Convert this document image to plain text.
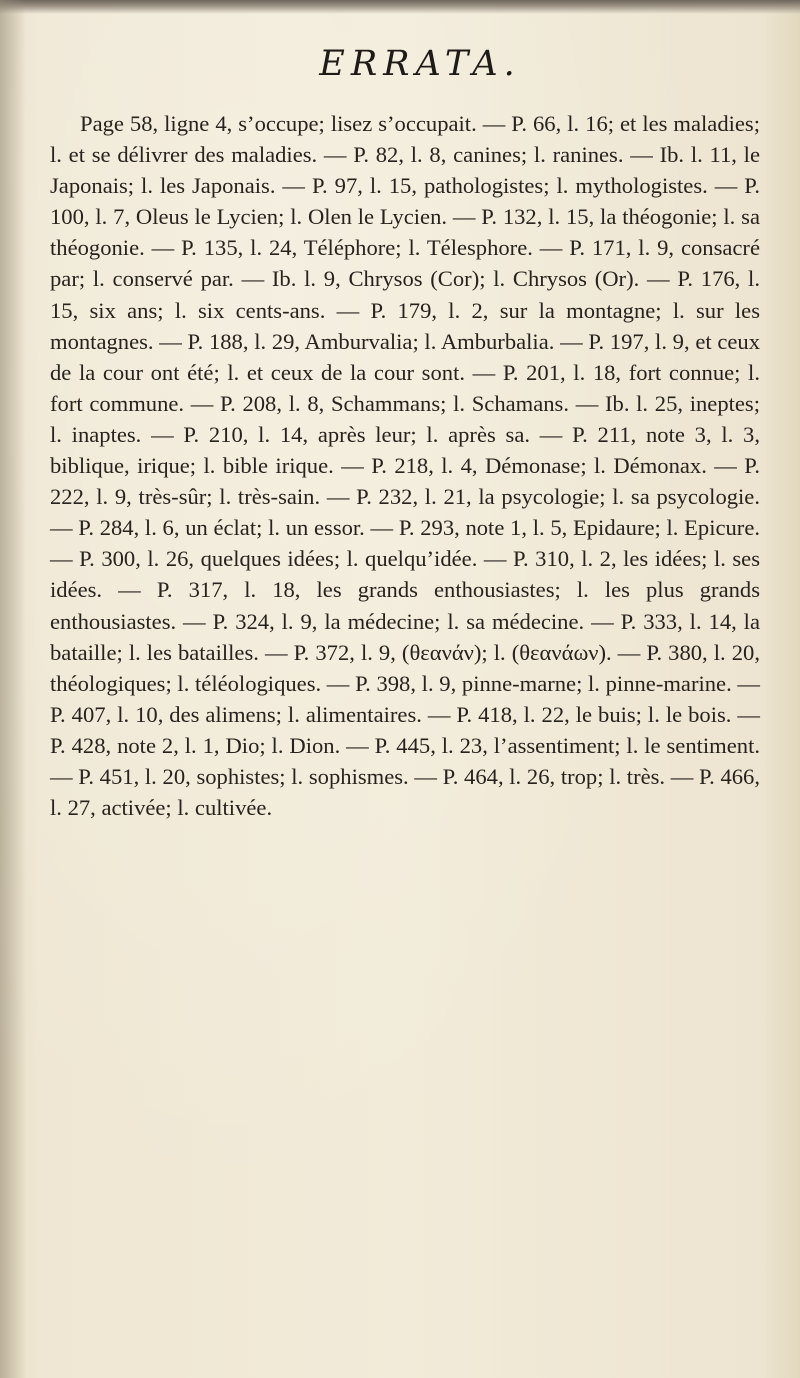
ERRATA.

Page 58, ligne 4, s’occupe; lisez s’occupait. — P. 66, l. 16; et les maladies; l. et se délivrer des maladies. — P. 82, l. 8, canines; l. ranines. — Ib. l. 11, le Japonais; l. les Japonais. — P. 97, l. 15, pathologistes; l. mythologistes. — P. 100, l. 7, Oleus le Lycien; l. Olen le Lycien. — P. 132, l. 15, la théogonie; l. sa théogonie. — P. 135, l. 24, Téléphore; l. Télesphore. — P. 171, l. 9, consacré par; l. conservé par. — Ib. l. 9, Chrysos (Cor); l. Chrysos (Or). — P. 176, l. 15, six ans; l. six cents-ans. — P. 179, l. 2, sur la montagne; l. sur les montagnes. — P. 188, l. 29, Amburvalia; l. Amburbalia. — P. 197, l. 9, et ceux de la cour ont été; l. et ceux de la cour sont. — P. 201, l. 18, fort connue; l. fort commune. — P. 208, l. 8, Schammans; l. Schamans. — Ib. l. 25, ineptes; l. inaptes. — P. 210, l. 14, après leur; l. après sa. — P. 211, note 3, l. 3, biblique, irique; l. bible irique. — P. 218, l. 4, Démonase; l. Démonax. — P. 222, l. 9, très-sûr; l. très-sain. — P. 232, l. 21, la psycologie; l. sa psycologie. — P. 284, l. 6, un éclat; l. un essor. — P. 293, note 1, l. 5, Epidaure; l. Epicure. — P. 300, l. 26, quelques idées; l. quelqu’idée. — P. 310, l. 2, les idées; l. ses idées. — P. 317, l. 18, les grands enthousiastes; l. les plus grands enthousiastes. — P. 324, l. 9, la médecine; l. sa médecine. — P. 333, l. 14, la bataille; l. les batailles. — P. 372, l. 9, (θεανάν); l. (θεανάων). — P. 380, l. 20, théologiques; l. téléologiques. — P. 398, l. 9, pinne-marne; l. pinne-marine. — P. 407, l. 10, des alimens; l. alimentaires. — P. 418, l. 22, le buis; l. le bois. — P. 428, note 2, l. 1, Dio; l. Dion. — P. 445, l. 23, l’assentiment; l. le sentiment. — P. 451, l. 20, sophistes; l. sophismes. — P. 464, l. 26, trop; l. très. — P. 466, l. 27, activée; l. cultivée.
